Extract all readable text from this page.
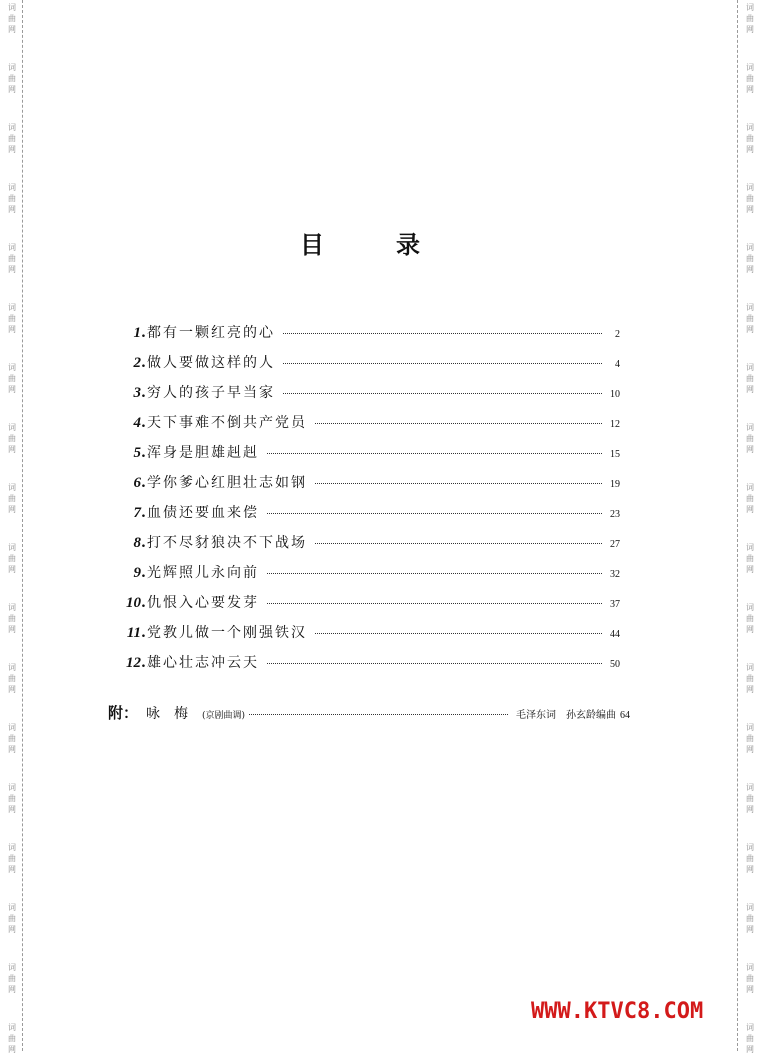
词
曲
网
词
曲
网
词
曲
网
词
曲
网
词
曲
网
词
曲
网
词
曲
网
词
曲
网
词
曲
网
词
曲
网
词
曲
网
词
曲
网
词
曲
网
词
曲
网
词
曲
网
词
曲
网
词
曲
网
词
曲
网
词
曲
网
词
曲
网
词
曲
网
词
曲
网
词
曲
网
词
曲
网
词
曲
网
词
曲
网
词
曲
网
词
曲
网
词
曲
网
词
曲
网
词
曲
网
词
曲
网
词
曲
网
词
曲
网
词
曲
网
词
曲
网
目	录
1 . 都有一颗红亮的心	2
2 . 做人要做这样的人	4
3 . 穷人的孩子早当家	10
4 . 天下事难不倒共产党员	12
5 . 浑身是胆雄赳赳	15
6 . 学你爹心红胆壮志如钢	19
7 . 血债还要血来偿	23
8 . 打不尽豺狼决不下战场	27
9 . 光辉照儿永向前	32
10 . 仇恨入心要发芽	37
11 . 党教儿做一个刚强铁汉	44
12 . 雄心壮志冲云天	50
附： 咏梅 (京剧曲调)	毛泽东词 孙玄龄编曲 64
WWW.KTVC8.COM
